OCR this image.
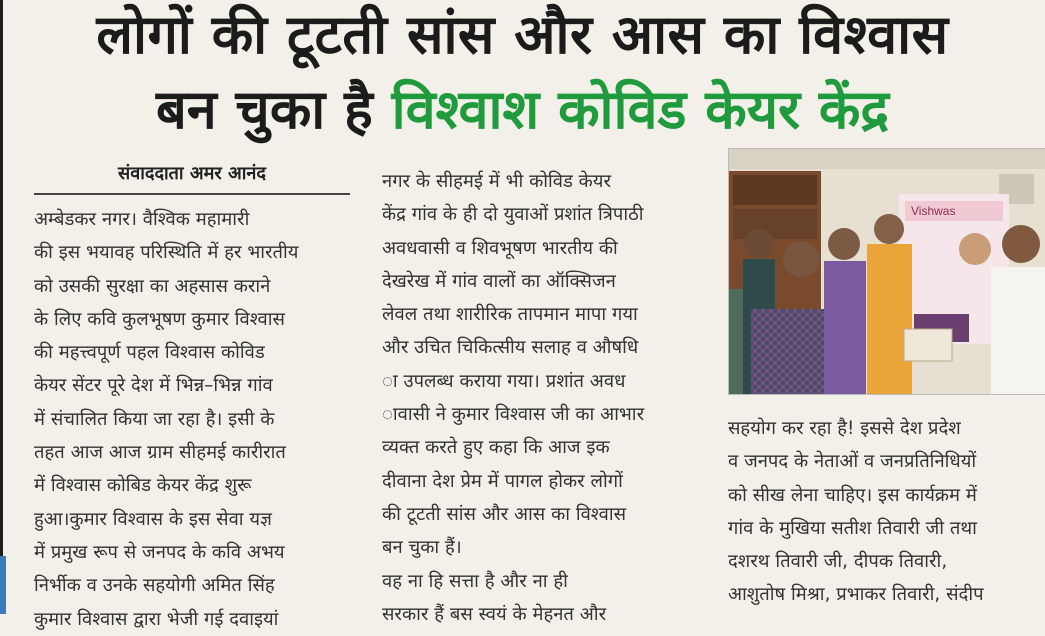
लोगों की टूटती सांस और आस का विश्वास
बन चुका है विश्वाश कोविड केयर केंद्र
संवाददाता अमर आनंद

अम्बेडकर नगर। वैश्विक महामारी

की इस भयावह परिस्थिति में हर भारतीय

को उसकी सुरक्षा का अहसास कराने

के लिए कवि कुलभूषण कुमार विश्वास

की महत्त्वपूर्ण पहल विश्वास कोविड

केयर सेंटर पूरे देश में भिन्न–भिन्न गांव

में संचालित किया जा रहा है। इसी के

तहत आज आज ग्राम सीहमई कारीरात

में विश्वास कोबिड केयर केंद्र शुरू

हुआ।कुमार विश्वास के इस सेवा यज्ञ

में प्रमुख रूप से जनपद के कवि अभय

निर्भीक व उनके सहयोगी अमित सिंह

कुमार विश्वास द्वारा भेजी गई दवाइयां

नगर के सीहमई में भी कोविड केयर

केंद्र गांव के ही दो युवाओं प्रशांत त्रिपाठी

अवधवासी व शिवभूषण भारतीय की

देखरेख में गांव वालों का ऑक्सिजन

लेवल तथा शारीरिक तापमान मापा गया

और उचित चिकित्सीय सलाह व औषधि

ा उपलब्ध कराया गया। प्रशांत अवध

ावासी ने कुमार विश्वास जी का आभार

व्यक्त करते हुए कहा कि आज इक

दीवाना देश प्रेम में पागल होकर लोगों

की टूटती सांस और आस का विश्वास

बन चुका हैं।

वह ना हि सत्ता है और ना ही

सरकार हैं बस स्वयं के मेहनत और

Vishwas

सहयोग कर रहा है! इससे देश प्रदेश

व जनपद के नेताओं व जनप्रतिनिधियों

को सीख लेना चाहिए। इस कार्यक्रम में

गांव के मुखिया सतीश तिवारी जी तथा

दशरथ तिवारी जी, दीपक तिवारी,

आशुतोष मिश्रा, प्रभाकर तिवारी, संदीप
